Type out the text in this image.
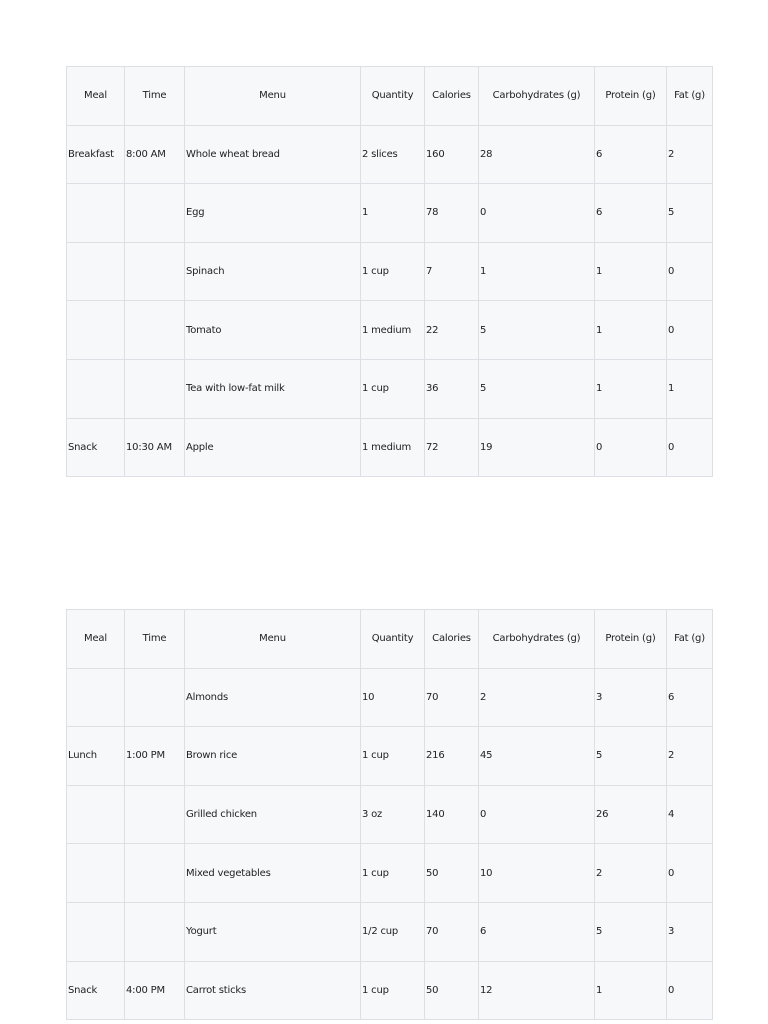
Meal	Time	Menu	Quantity	Calories	Carbohydrates (g)	Protein (g)	Fat (g)
Breakfast	8:00 AM	Whole wheat bread	2 slices	160	28	6	2
		Egg	1	78	0	6	5
		Spinach	1 cup	7	1	1	0
		Tomato	1 medium	22	5	1	0
		Tea with low-fat milk	1 cup	36	5	1	1
Snack	10:30 AM	Apple	1 medium	72	19	0	0
Meal	Time	Menu	Quantity	Calories	Carbohydrates (g)	Protein (g)	Fat (g)
		Almonds	10	70	2	3	6
Lunch	1:00 PM	Brown rice	1 cup	216	45	5	2
		Grilled chicken	3 oz	140	0	26	4
		Mixed vegetables	1 cup	50	10	2	0
		Yogurt	1/2 cup	70	6	5	3
Snack	4:00 PM	Carrot sticks	1 cup	50	12	1	0
